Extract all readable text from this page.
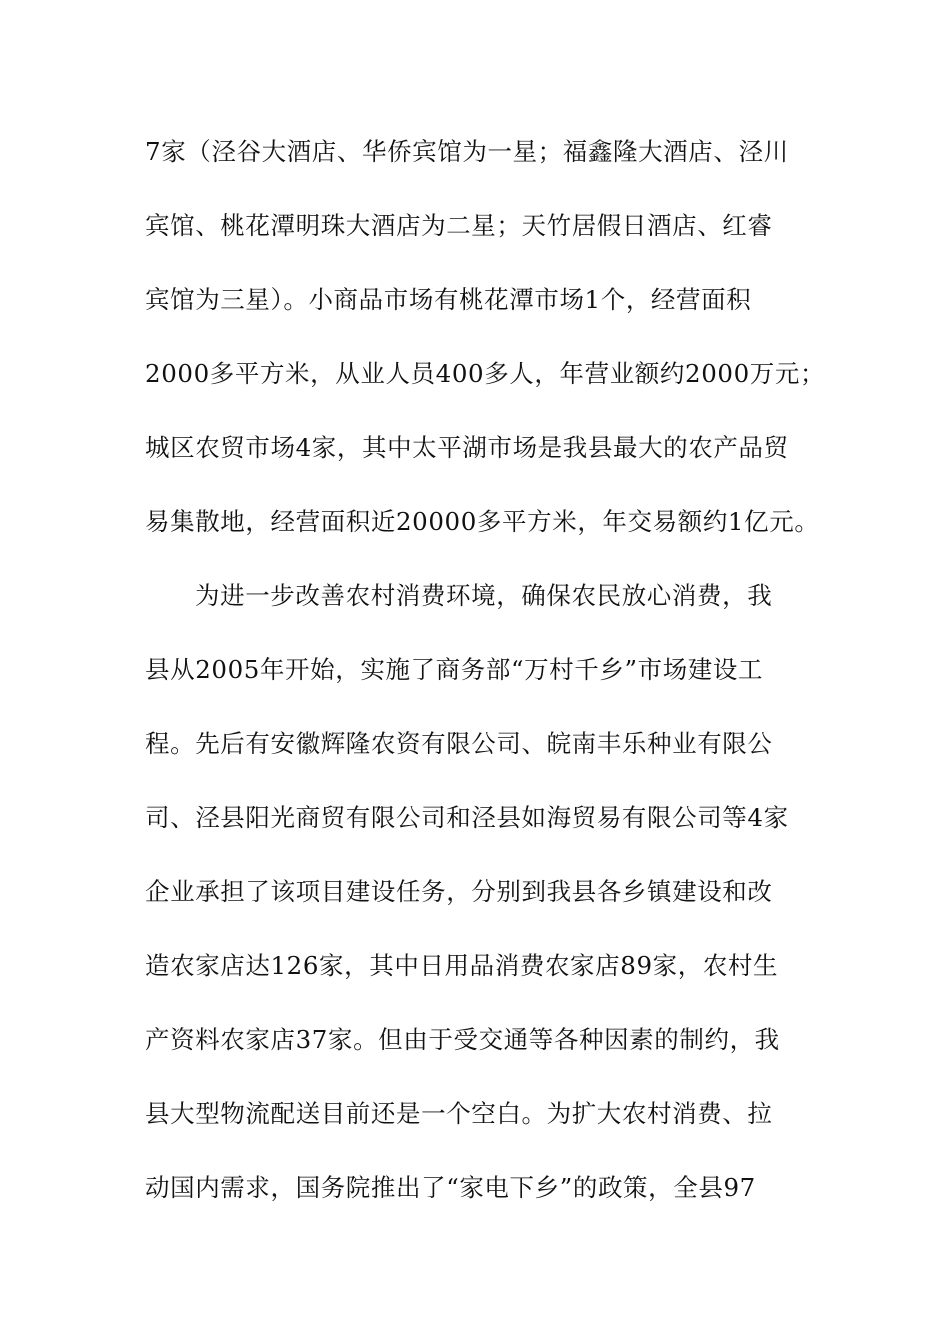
7家（泾谷大酒店、华侨宾馆为一星；福鑫隆大酒店、泾川
宾馆、桃花潭明珠大酒店为二星；天竹居假日酒店、红睿
宾馆为三星）。小商品市场有桃花潭市场1个，经营面积
2000多平方米，从业人员400多人，年营业额约2000万元；
城区农贸市场4家，其中太平湖市场是我县最大的农产品贸
易集散地，经营面积近20000多平方米，年交易额约1亿元。
为进一步改善农村消费环境，确保农民放心消费，我
县从2005年开始，实施了商务部“万村千乡”市场建设工
程。先后有安徽辉隆农资有限公司、皖南丰乐种业有限公
司、泾县阳光商贸有限公司和泾县如海贸易有限公司等4家
企业承担了该项目建设任务，分别到我县各乡镇建设和改
造农家店达126家，其中日用品消费农家店89家，农村生
产资料农家店37家。但由于受交通等各种因素的制约，我
县大型物流配送目前还是一个空白。为扩大农村消费、拉
动国内需求，国务院推出了“家电下乡”的政策，全县97
